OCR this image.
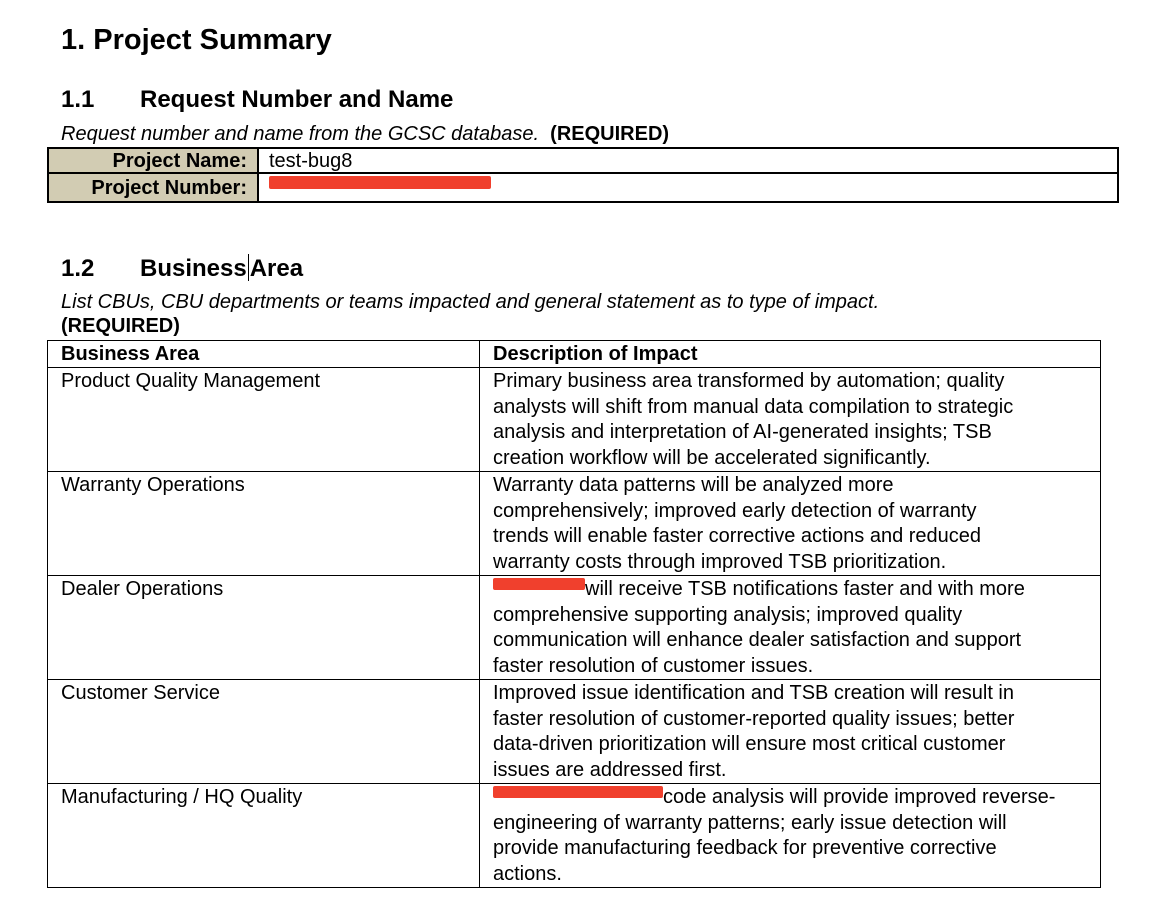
1. Project Summary
1.1 Request Number and Name

Request number and name from the GCSC database. (REQUIRED)

Project Name:	test-bug8
Project Number:	
1.2 Business Area

List CBUs, CBU departments or teams impacted and general statement as to type of impact.
(REQUIRED)

Business Area	Description of Impact
Product Quality Management	Primary business area transformed by automation; quality
analysts will shift from manual data compilation to strategic
analysis and interpretation of AI-generated insights; TSB
creation workflow will be accelerated significantly.

Warranty Operations	Warranty data patterns will be analyzed more
comprehensively; improved early detection of warranty
trends will enable faster corrective actions and reduced
warranty costs through improved TSB prioritization.

Dealer Operations	will receive TSB notifications faster and with more
comprehensive supporting analysis; improved quality
communication will enhance dealer satisfaction and support
faster resolution of customer issues.

Customer Service	Improved issue identification and TSB creation will result in
faster resolution of customer-reported quality issues; better
data-driven prioritization will ensure most critical customer
issues are addressed first.

Manufacturing / HQ Quality	code analysis will provide improved reverse-
engineering of warranty patterns; early issue detection will
provide manufacturing feedback for preventive corrective
actions.
